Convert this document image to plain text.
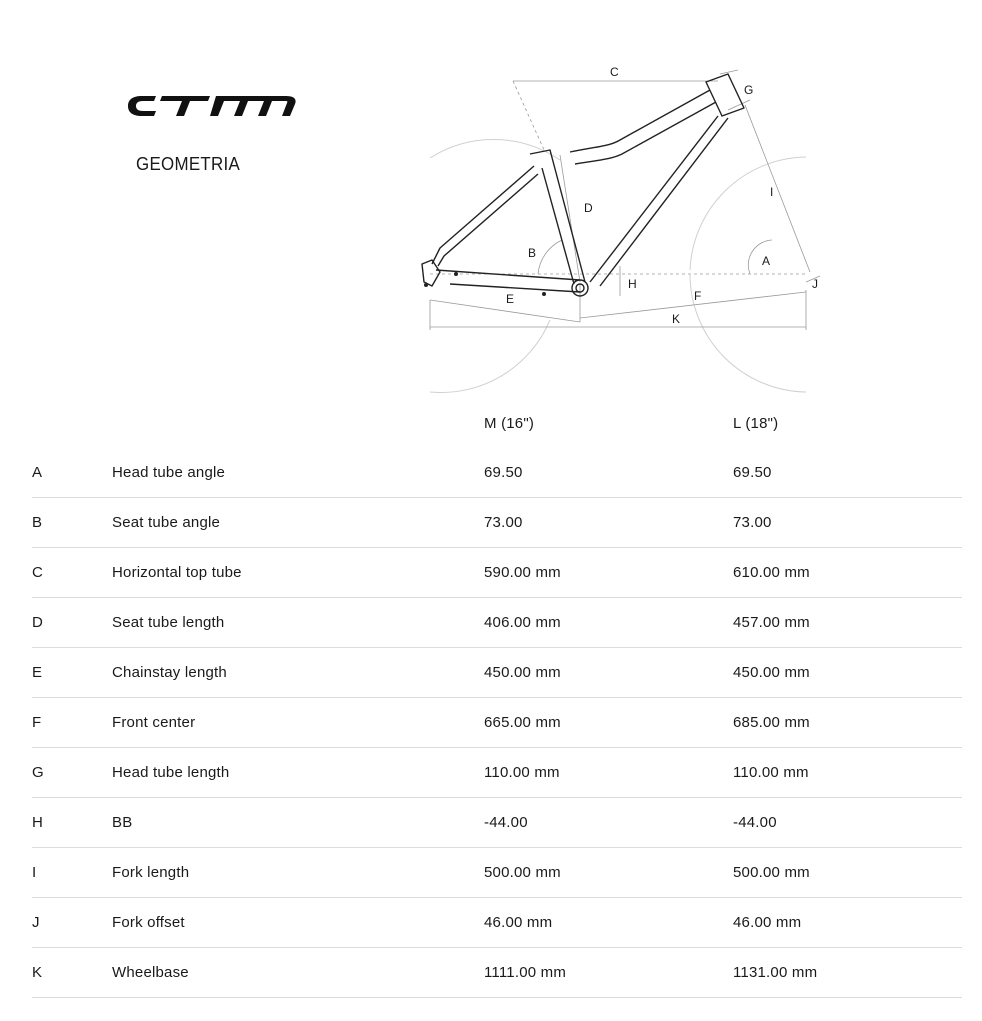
GEOMETRIA
C
G
I
D
B
A
H	J
E	F
K
		M (16")	L (18")
A	Head tube angle	69.50	69.50
B	Seat tube angle	73.00	73.00
C	Horizontal top tube	590.00 mm	610.00 mm
D	Seat tube length	406.00 mm	457.00 mm
E	Chainstay length	450.00 mm	450.00 mm
F	Front center	665.00 mm	685.00 mm
G	Head tube length	110.00 mm	110.00 mm
H	BB	-44.00	-44.00
I	Fork length	500.00 mm	500.00 mm
J	Fork offset	46.00 mm	46.00 mm
K	Wheelbase	1111.00 mm	1131.00 mm
